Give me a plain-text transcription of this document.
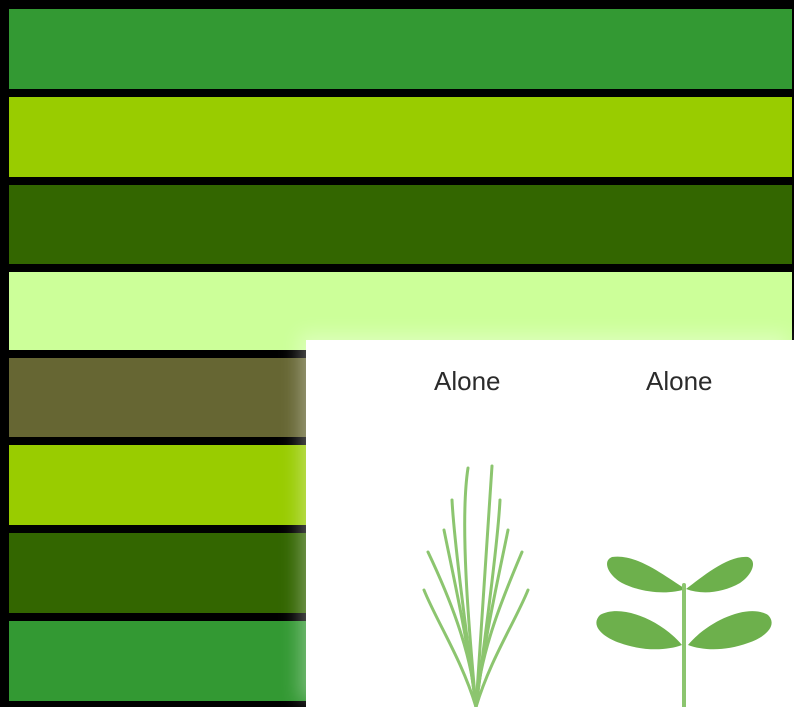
Alone	Alone
